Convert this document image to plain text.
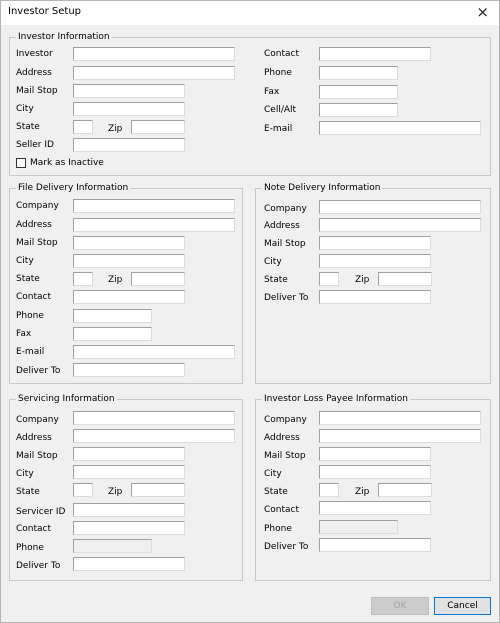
Investor Setup	×
Investor Information
Investor
Address
Mail Stop
City
State	Zip
Seller ID
Mark as Inactive
Contact
Phone
Fax
Cell/Alt
E-mail
File Delivery Information
Company
Address
Mail Stop
City
State	Zip
Contact
Phone
Fax
E-mail
Deliver To
Note Delivery Information
Company
Address
Mail Stop
City
State	Zip
Deliver To
Servicing Information
Company
Address
Mail Stop
City
State	Zip
Servicer ID
Contact
Phone
Deliver To
Investor Loss Payee Information
Company
Address
Mail Stop
City
State	Zip
Contact
Phone
Deliver To
OK	Cancel
